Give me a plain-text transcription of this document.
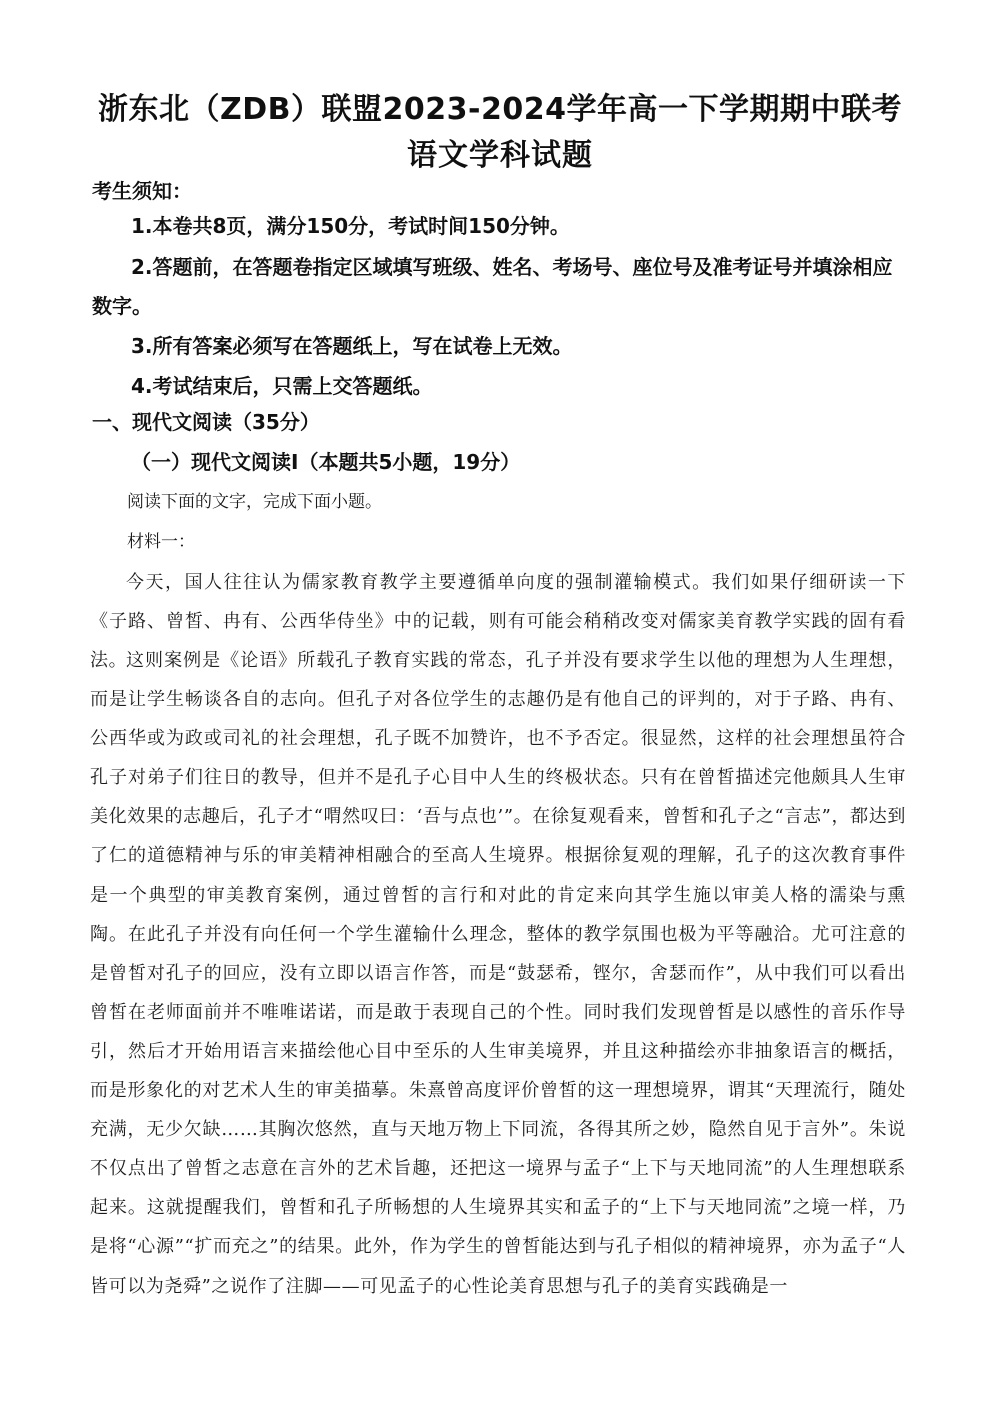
浙东北（ZDB）联盟2023-2024学年高一下学期期中联考
语文学科试题
考生须知：
1.本卷共8页，满分150分，考试时间150分钟。
2.答题前，在答题卷指定区域填写班级、姓名、考场号、座位号及准考证号并填涂相应
数字。
3.所有答案必须写在答题纸上，写在试卷上无效。
4.考试结束后，只需上交答题纸。
一、现代文阅读（35分）
（一）现代文阅读Ⅰ（本题共5小题，19分）
阅读下面的文字，完成下面小题。
材料一：

今天，国人往往认为儒家教育教学主要遵循单向度的强制灌输模式。我们如果仔细研读一下《子路、曾皙、冉有、公西华侍坐》中的记载，则有可能会稍稍改变对儒家美育教学实践的固有看法。

这则案例是《论语》所载孔子教育实践的常态，孔子并没有要求学生以他的理想为人生理想，而是让学生畅谈各自的志向。但孔子对各位学生的志趣仍是有他自己的评判的，对于子路、冉有、公西华或为政或司礼的社会理想，孔子既不加赞许，也不予否定。很显然，这样的社会理想虽符合孔子对弟子们往日的教导，但并不是孔子心目中人生的终极状态。只有在曾皙描述完他颇具人生审美化效果的志趣后，孔子才“喟然叹曰：‘吾与点也’”。在徐复观看来，曾皙和孔子之“言志”，都达到了仁的道德精神与乐的审美精神相融合的至高人生境界。根据徐复观的理解，孔子的这次教育事件是一个典型的审美教育案例，通过曾皙的言行和对此的肯定来向其学生施以审美人格的濡染与熏陶。在此孔子并没有向任何一个学生灌输什么理念，整体的教学氛围也极为平等融洽。尤可注意的是曾皙对孔子的回应，没有立即以语言作答，而是“鼓瑟希，铿尔，舍瑟而作”，从中我们可以看出曾皙在老师面前并不唯唯诺诺，而是敢于表现自己的个性。同时我们发现曾皙是以感性的音乐作导引，然后才开始用语言来描绘他心目中至乐的人生审美境界，并且这种描绘亦非抽象语言的概括，而是形象化的对艺术人生的审美描摹。朱熹曾高度评价曾皙的这一理想境界，谓其“天理流行，随处充满，无少欠缺……其胸次悠然，直与天地万物上下同流，各得其所之妙，隐然自见于言外”。朱说不仅点出了曾皙之志意在言外的艺术旨趣，还把这一境界与孟子“上下与天地同流”的人生理想联系起来。这就提醒我们，曾皙和孔子所畅想的人生境界其实和孟子的“上下与天地同流”之境一样，乃是将“心源”“扩而充之”的结果。此外，作为学生的曾皙能达到与孔子相似的精神境界，亦为孟子“人皆可以为尧舜”之说作了注脚——可见孟子的心性论美育思想与孔子的美育实践确是一
